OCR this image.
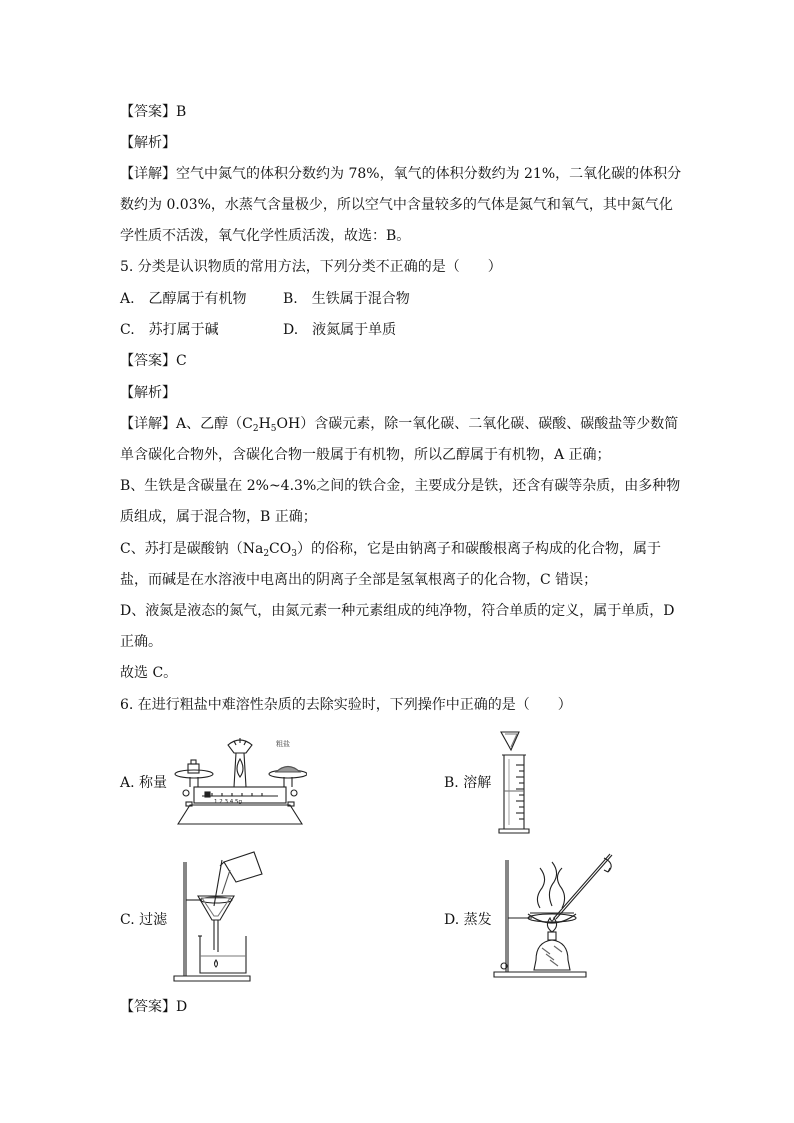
【答案】B
【解析】
【详解】空气中氮气的体积分数约为 78%，氧气的体积分数约为 21%，二氧化碳的体积分
数约为 0.03%，水蒸气含量极少，所以空气中含量较多的气体是氮气和氧气，其中氮气化
学性质不活泼，氧气化学性质活泼，故选：B。
5. 分类是认识物质的常用方法，下列分类不正确的是（　　）
A.　乙醇属于有机物	B.　生铁属于混合物
C.　苏打属于碱	D.　液氮属于单质
【答案】C
【解析】
【详解】A、乙醇$(C_2H_5OH)$含碳元素，除一氧化碳、二氧化碳、碳酸、碳酸盐等少数简
单含碳化合物外，含碳化合物一般属于有机物，所以乙醇属于有机物，A 正确；
B、生铁是含碳量在 2%~4.3%之间的铁合金，主要成分是铁，还含有碳等杂质，由多种物
质组成，属于混合物，B 正确；
C、苏打是碳酸钠$(Na_2CO_3)$的俗称，它是由钠离子和碳酸根离子构成的化合物，属于
盐，而碱是在水溶液中电离出的阴离子全部是氢氧根离子的化合物，C 错误；
D、液氮是液态的氮气，由氮元素一种元素组成的纯净物，符合单质的定义，属于单质，D
正确。
故选 C。
6. 在进行粗盐中难溶性杂质的去除实验时，下列操作中正确的是（　　）
A. 称量
粗盐
1 2 3 4 5g
B. 溶解
C. 过滤	D. 蒸发
【答案】D
